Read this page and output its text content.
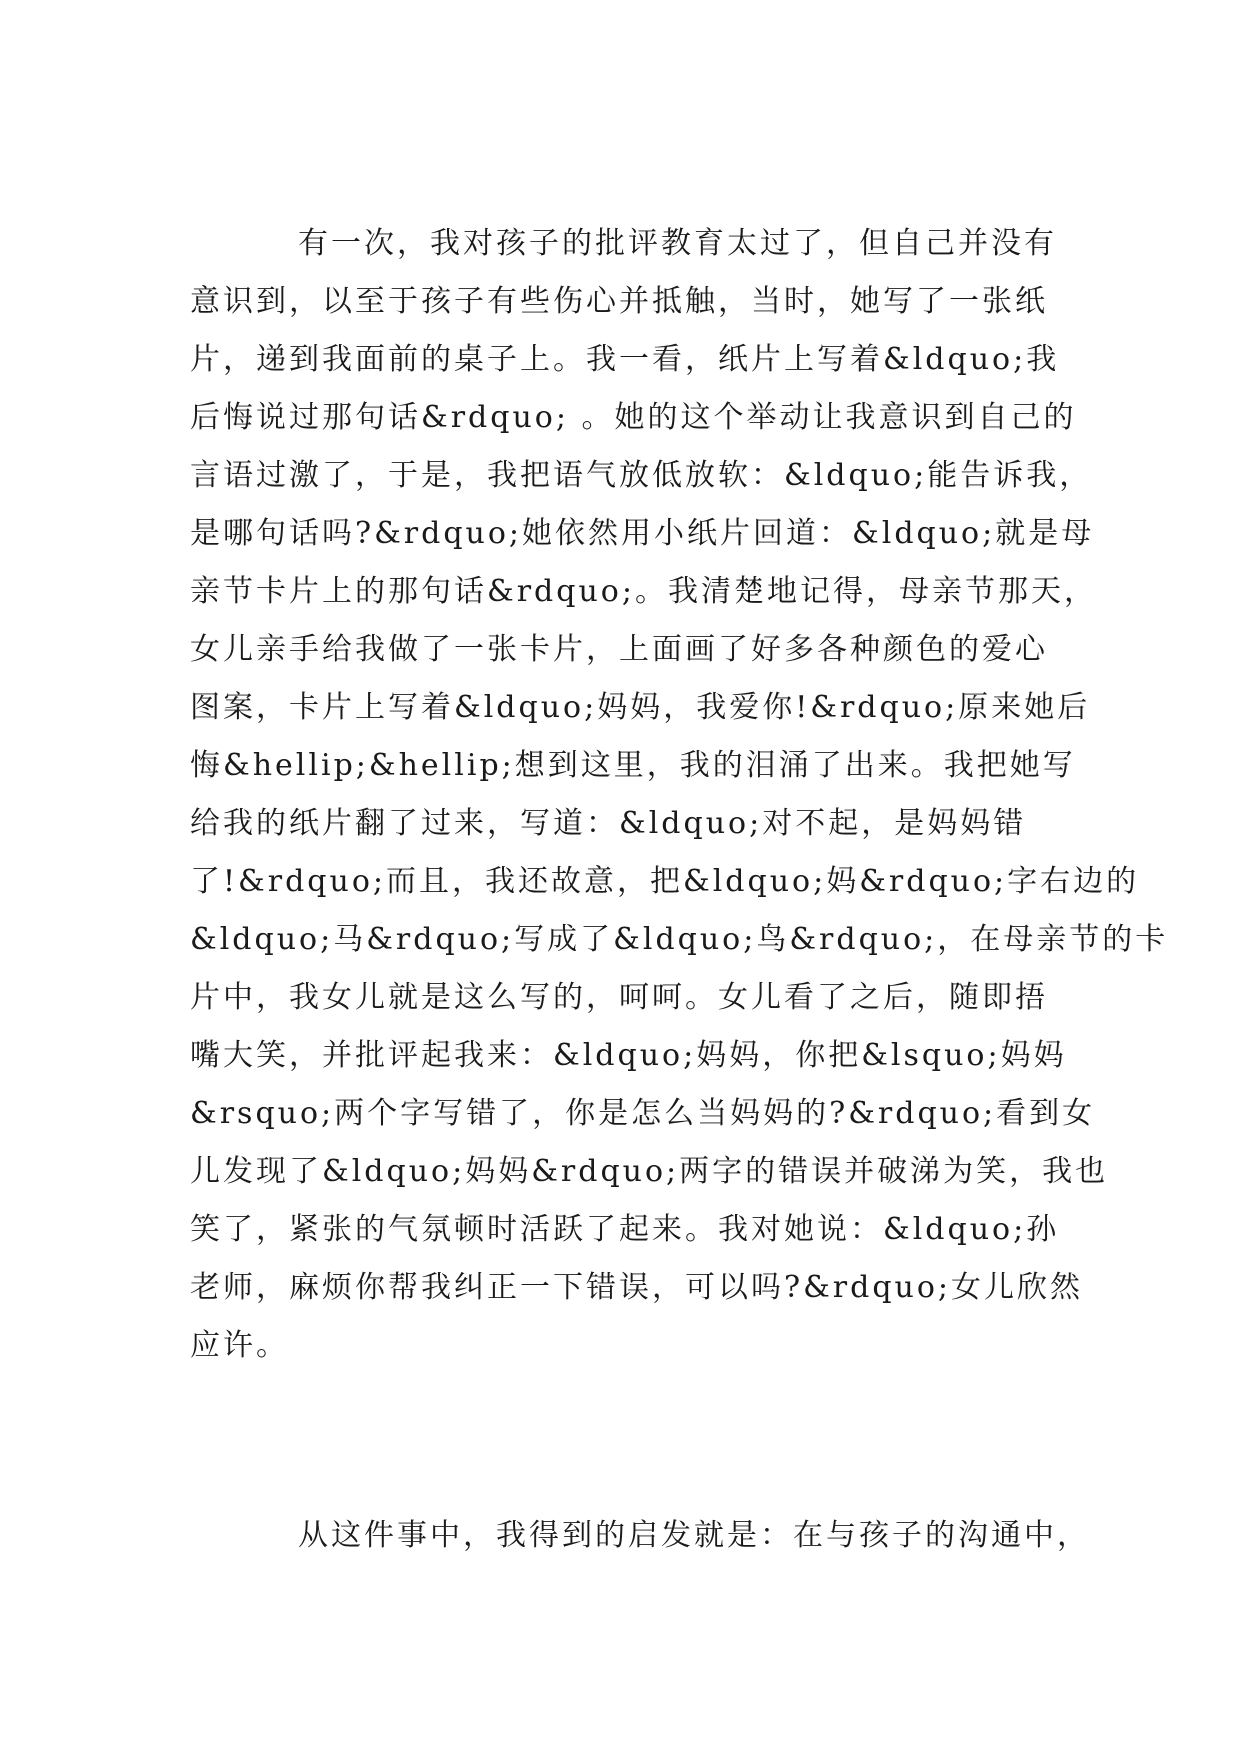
有一次，我对孩子的批评教育太过了，但自己并没有
意识到，以至于孩子有些伤心并抵触，当时，她写了一张纸
片，递到我面前的桌子上。我一看，纸片上写着&ldquo;我
后悔说过那句话&rdquo; 。她的这个举动让我意识到自己的
言语过激了，于是，我把语气放低放软：&ldquo;能告诉我，
是哪句话吗?&rdquo;她依然用小纸片回道：&ldquo;就是母
亲节卡片上的那句话&rdquo;。我清楚地记得，母亲节那天，
女儿亲手给我做了一张卡片，上面画了好多各种颜色的爱心
图案，卡片上写着&ldquo;妈妈，我爱你!&rdquo;原来她后
悔&hellip;&hellip;想到这里，我的泪涌了出来。我把她写
给我的纸片翻了过来，写道：&ldquo;对不起，是妈妈错
了!&rdquo;而且，我还故意，把&ldquo;妈&rdquo;字右边的
&ldquo;马&rdquo;写成了&ldquo;鸟&rdquo;，在母亲节的卡
片中，我女儿就是这么写的，呵呵。女儿看了之后，随即捂
嘴大笑，并批评起我来：&ldquo;妈妈，你把&lsquo;妈妈
&rsquo;两个字写错了，你是怎么当妈妈的?&rdquo;看到女
儿发现了&ldquo;妈妈&rdquo;两字的错误并破涕为笑，我也
笑了，紧张的气氛顿时活跃了起来。我对她说：&ldquo;孙
老师，麻烦你帮我纠正一下错误，可以吗?&rdquo;女儿欣然
应许。
从这件事中，我得到的启发就是：在与孩子的沟通中，
